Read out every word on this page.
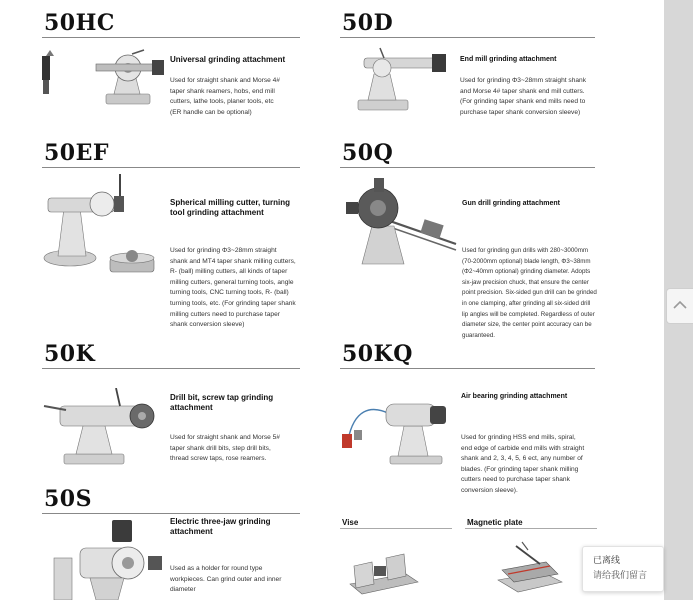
50HC
Universal grinding attachment
Used for straight shank and Morse 4#
taper shank reamers, hobs, end mill
cutters, lathe tools, planer tools, etc
(ER handle can be optional)
50D
End mill grinding attachment
Used for grinding Φ3~28mm straight shank
and Morse 4# taper shank end mill cutters.
(For grinding taper shank end mills need to
purchase taper shank conversion sleeve)
50EF
Spherical milling cutter, turning
tool grinding attachment
Used for grinding Φ3~28mm straight
shank and MT4 taper shank milling cutters,
R- (ball) milling cutters, all kinds of taper
milling cutters, general turning tools, angle
turning tools, CNC turning tools, R- (ball)
turning tools, etc. (For grinding taper shank
milling cutters need to purchase taper
shank conversion sleeve)
50Q
Gun drill grinding attachment
Used for grinding gun drills with 280~3000mm
(70-2000mm optional) blade length, Φ3~38mm
(Φ2~40mm optional) grinding diameter. Adopts
six-jaw precision chuck, that ensure the center
point precision. Six-sided gun drill can be grinded
in one clamping, after grinding all six-sided drill
lip angles will be completed. Regardless of outer
diameter size, the center point accuracy can be
guaranteed.
50K
Drill bit, screw tap grinding
attachment
Used for straight shank and Morse 5#
taper shank drill bits, step drill bits,
thread screw taps, rose reamers.
50KQ
Air bearing grinding attachment
Used for grinding HSS end mills, spiral,
end edge of carbide end mills with straight
shank and 2, 3, 4, 5, 6 ect, any number of
blades. (For grinding taper shank milling
cutters need to purchase taper shank
conversion sleeve).
50S
Electric three-jaw grinding
attachment
Used as a holder for round type
workpieces. Can grind outer and inner
diameter
Vise	Magnetic plate
已离线
请给我们留言
